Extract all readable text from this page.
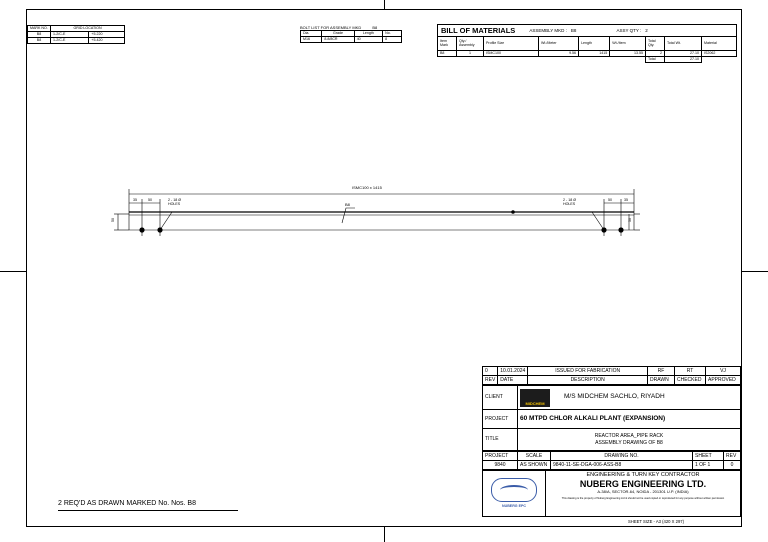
MARK NO.	GRID LOCATION	
B8	1-2/C-E	+5.220
B8	1-2/C-E	+5.420
BOLT LIST FOR ASSEMBLY MKD	B8
Dia.	Grade	Length	No.
M16	8.8/8CR	40	8
BILL OF MATERIALS	ASSEMBLY MKD : B8	ASSY QTY : 2
Item Mark	Qty./ Assembly	Profile Size	Wt./Meter	Length	Wt./Item	Total Qty.	Total Wt.	Material
B8	1	ISMC100	9.56	1415	13.55	2	27.10	IS2062
						Total	27.10	
ISMC100 x 1415
B8
35	50	2 - 18 Ø HOLES
2 - 18 Ø HOLES
50	35
50	50
2 REQ'D AS DRAWN MARKED No. Nos. B8
0	10.01.2024	ISSUED FOR FABRICATION	RF	RT	VJ
REV	DATE	DESCRIPTION	DRAWN	CHECKED	APPROVED
CLIENT	MIDCHEM	M/S MIDCHEM SACHLO, RIYADH
PROJECT	60 MTPD CHLOR ALKALI PLANT (EXPANSION)	
TITLE	REACTOR AREA_PIPE RACK
ASSEMBLY DRAWING OF B8	
PROJECT	SCALE	DRAWING NO.	SHEET	REV
9840	AS SHOWN	9840-11-SE-DGA-006-ASS-B8	1 OF 1	0
NUBERG EPC

ENGINEERING & TURN KEY CONTRACTOR
NUBERG ENGINEERING LTD.
A-38/A, SECTOR-64, NOIDA - 201301 U.P. (INDIA)
This drawing is the property of Nuberg Engineering Ltd & should not be used copied or reproduced for any purpose without written permission
SHEET SIZE - A3 (420 X 297)
